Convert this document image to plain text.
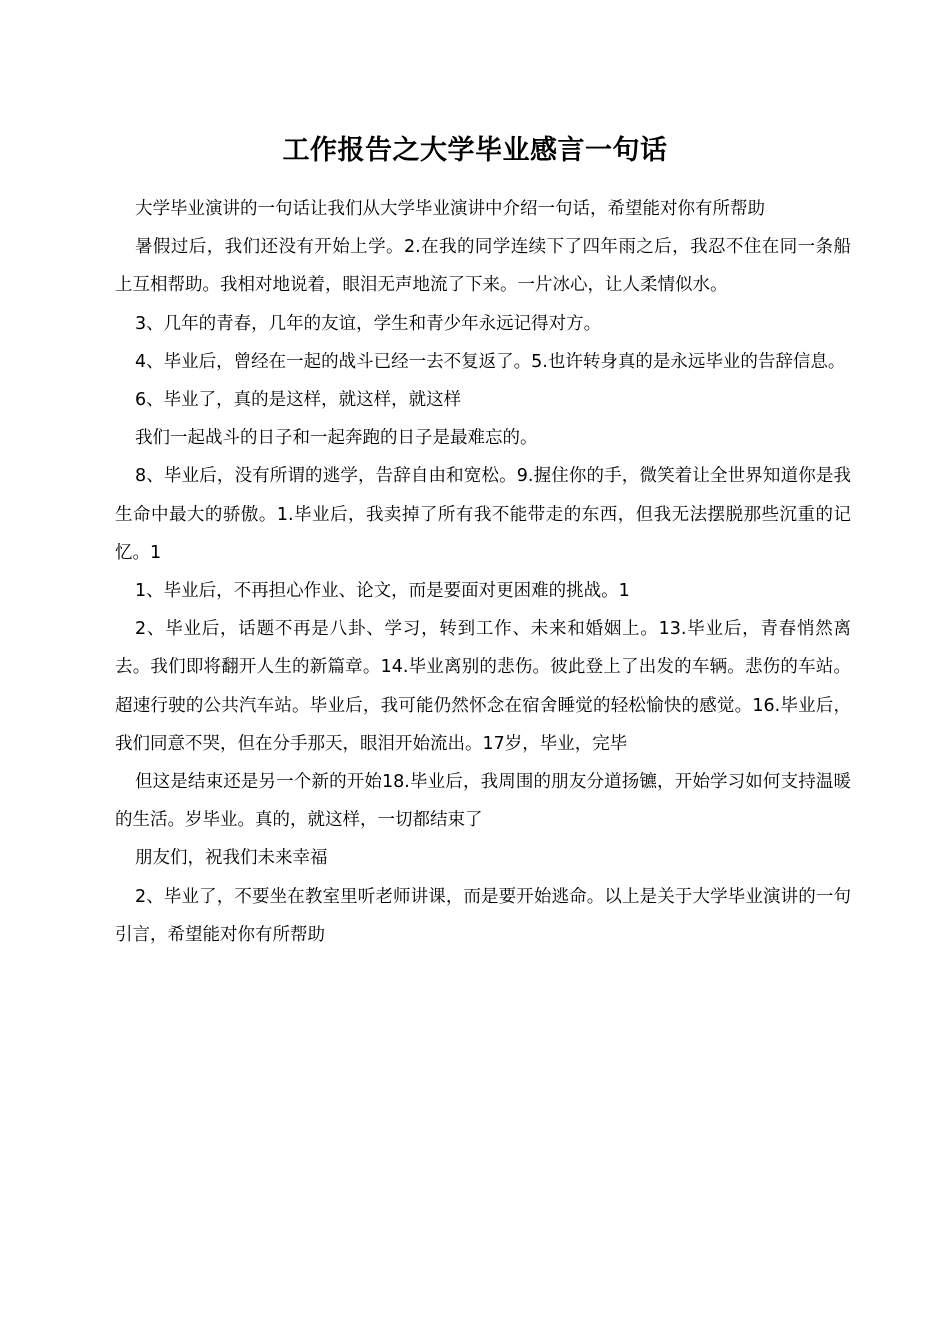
工作报告之大学毕业感言一句话

大学毕业演讲的一句话让我们从大学毕业演讲中介绍一句话，希望能对你有所帮助

暑假过后，我们还没有开始上学。2.在我的同学连续下了四年雨之后，我忍不住在同一条船上互相帮助。我相对地说着，眼泪无声地流了下来。一片冰心，让人柔情似水。

3、几年的青春，几年的友谊，学生和青少年永远记得对方。

4、毕业后，曾经在一起的战斗已经一去不复返了。5.也许转身真的是永远毕业的告辞信息。

6、毕业了，真的是这样，就这样，就这样

我们一起战斗的日子和一起奔跑的日子是最难忘的。

8、毕业后，没有所谓的逃学，告辞自由和宽松。9.握住你的手，微笑着让全世界知道你是我生命中最大的骄傲。1.毕业后，我卖掉了所有我不能带走的东西，但我无法摆脱那些沉重的记忆。1

1、毕业后，不再担心作业、论文，而是要面对更困难的挑战。1

2、毕业后，话题不再是八卦、学习，转到工作、未来和婚姻上。13.毕业后，青春悄然离去。我们即将翻开人生的新篇章。14.毕业离别的悲伤。彼此登上了出发的车辆。悲伤的车站。超速行驶的公共汽车站。毕业后，我可能仍然怀念在宿舍睡觉的轻松愉快的感觉。16.毕业后，我们同意不哭，但在分手那天，眼泪开始流出。17岁，毕业，完毕

但这是结束还是另一个新的开始18.毕业后，我周围的朋友分道扬镳，开始学习如何支持温暖的生活。岁毕业。真的，就这样，一切都结束了

朋友们，祝我们未来幸福

2、毕业了，不要坐在教室里听老师讲课，而是要开始逃命。以上是关于大学毕业演讲的一句引言，希望能对你有所帮助
